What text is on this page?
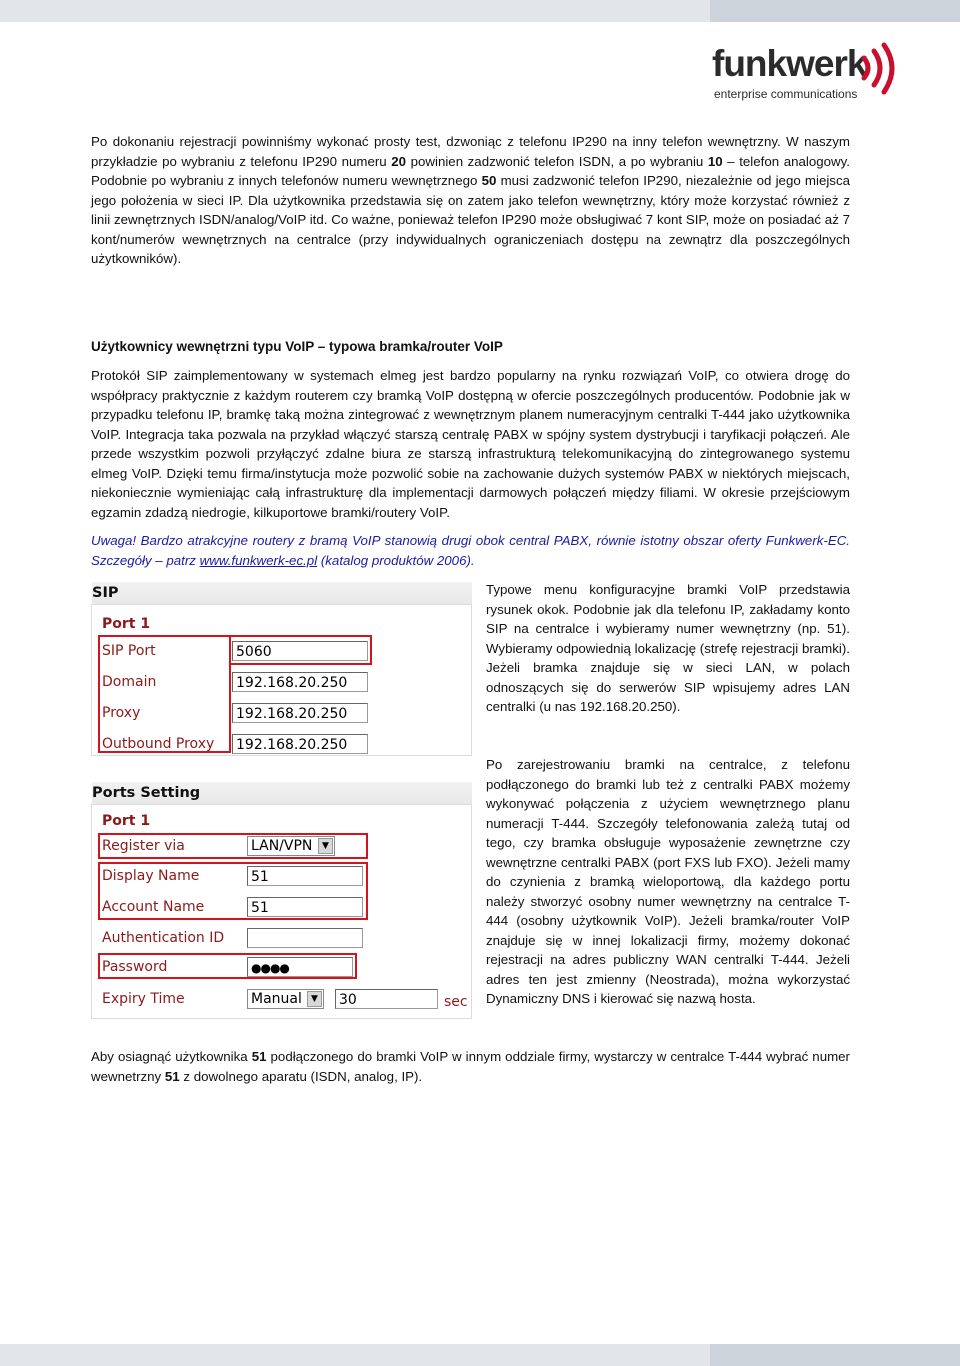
funkwerk
enterprise communications

Po dokonaniu rejestracji powinniśmy wykonać prosty test, dzwoniąc z telefonu IP290 na inny telefon wewnętrzny. W naszym przykładzie po wybraniu z telefonu IP290 numeru 20 powinien zadzwonić telefon ISDN, a po wybraniu 10 – telefon analogowy. Podobnie po wybraniu z innych telefonów numeru wewnętrznego 50 musi zadzwonić telefon IP290, niezależnie od jego miejsca jego położenia w sieci IP. Dla użytkownika przedstawia się on zatem jako telefon wewnętrzny, który może korzystać również z linii zewnętrznych ISDN/analog/VoIP itd. Co ważne, ponieważ telefon IP290 może obsługiwać 7 kont SIP, może on posiadać aż 7 kont/numerów wewnętrznych na centralce (przy indywidualnych ograniczeniach dostępu na zewnątrz dla poszczególnych użytkowników).

Użytkownicy wewnętrzni typu VoIP – typowa bramka/router VoIP

Protokół SIP zaimplementowany w systemach elmeg jest bardzo popularny na rynku rozwiązań VoIP, co otwiera drogę do współpracy praktycznie z każdym routerem czy bramką VoIP dostępną w ofercie poszczególnych producentów. Podobnie jak w przypadku telefonu IP, bramkę taką można zintegrować z wewnętrznym planem numeracyjnym centralki T-444 jako użytkownika VoIP. Integracja taka pozwala na przykład włączyć starszą centralę PABX w spójny system dystrybucji i taryfikacji połączeń. Ale przede wszystkim pozwoli przyłączyć zdalne biura ze starszą infrastrukturą telekomunikacyjną do zintegrowanego systemu elmeg VoIP. Dzięki temu firma/instytucja może pozwolić sobie na zachowanie dużych systemów PABX w niektórych miejscach, niekoniecznie wymieniając całą infrastrukturę dla implementacji darmowych połączeń między filiami. W okresie przejściowym egzamin zdadzą niedrogie, kilkuportowe bramki/routery VoIP.

Uwaga! Bardzo atrakcyjne routery z bramą VoIP stanowią drugi obok central PABX, równie istotny obszar oferty Funkwerk-EC. Szczegóły – patrz www.funkwerk-ec.pl (katalog produktów 2006).

SIP
Port 1
SIP Port	5060
Domain	192.168.20.250
Proxy	192.168.20.250
Outbound Proxy 192.168.20.250
Ports Setting
Port 1
Register via	LAN/VPN	▼
Display Name	51
Account Name	51
Authentication ID
Password	●●●●
Expiry Time	Manual	▼ 30	sec

Typowe menu konfiguracyjne bramki VoIP przedstawia rysunek okok. Podobnie jak dla telefonu IP, zakładamy konto SIP na centralce i wybieramy numer wewnętrzny (np. 51). Wybieramy odpowiednią lokalizację (strefę rejestracji bramki). Jeżeli bramka znajduje się w sieci LAN, w polach odnoszących się do serwerów SIP wpisujemy adres LAN centralki (u nas 192.168.20.250).

Po zarejestrowaniu bramki na centralce, z telefonu podłączonego do bramki lub też z centralki PABX możemy wykonywać połączenia z użyciem wewnętrznego planu numeracji T-444. Szczegóły telefonowania zależą tutaj od tego, czy bramka obsługuje wyposażenie zewnętrzne czy wewnętrzne centralki PABX (port FXS lub FXO). Jeżeli mamy do czynienia z bramką wieloportową, dla każdego portu należy stworzyć osobny numer wewnętrzny na centralce T-444 (osobny użytkownik VoIP). Jeżeli bramka/router VoIP znajduje się w innej lokalizacji firmy, możemy dokonać rejestracji na adres publiczny WAN centralki T-444. Jeżeli adres ten jest zmienny (Neostrada), można wykorzystać Dynamiczny DNS i kierować się nazwą hosta.

Aby osiagnąć użytkownika 51 podłączonego do bramki VoIP w innym oddziale firmy, wystarczy w centralce T-444 wybrać numer wewnetrzny 51 z dowolnego aparatu (ISDN, analog, IP).
